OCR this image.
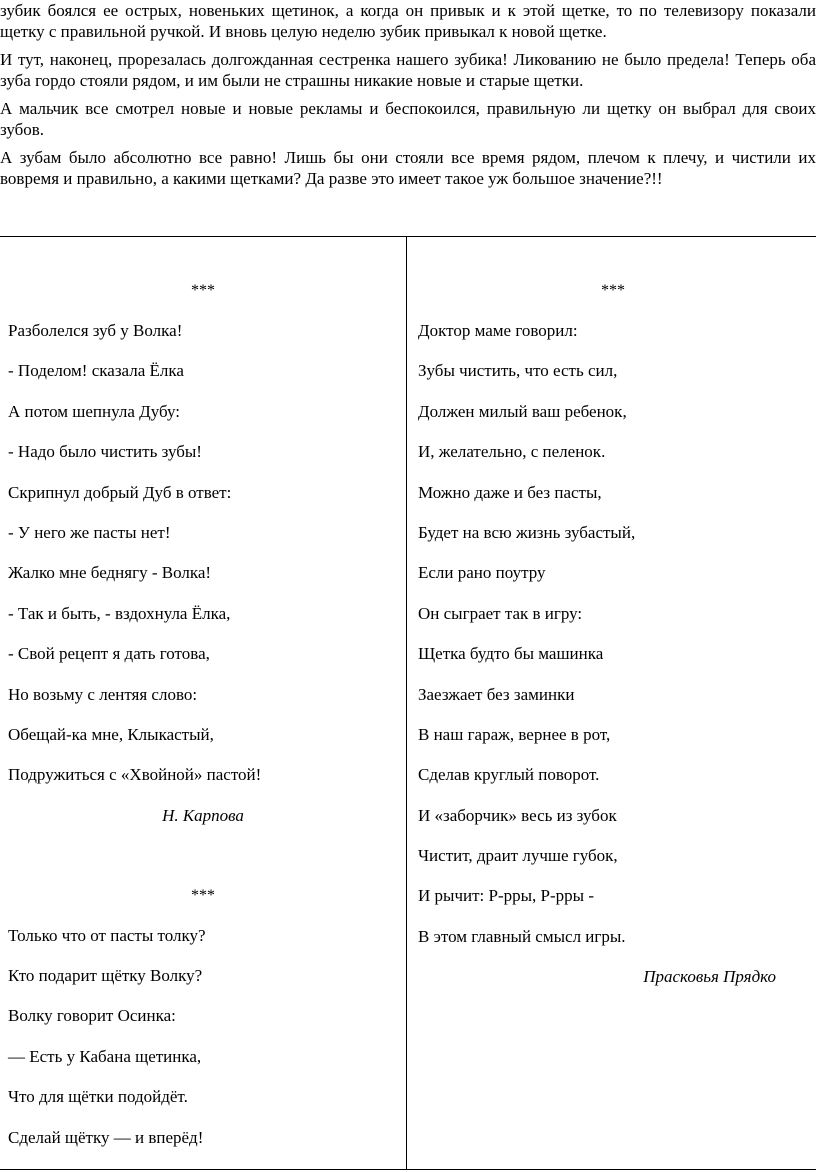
зубик боялся ее острых, новеньких щетинок, а когда он привык и к этой щетке, то по телевизору показали щетку с правильной ручкой. И вновь целую неделю зубик привыкал к новой щетке.

И тут, наконец, прорезалась долгожданная сестренка нашего зубика! Ликованию не было предела! Теперь оба зуба гордо стояли рядом, и им были не страшны никакие новые и старые щетки.

А мальчик все смотрел новые и новые рекламы и беспокоился, правильную ли щетку он выбрал для своих зубов.

А зубам было абсолютно все равно! Лишь бы они стояли все время рядом, плечом к плечу, и чистили их вовремя и правильно, а какими щетками? Да разве это имеет такое уж большое значение?!!

***
Разболелся зуб у Волка!
- Поделом! сказала Ёлка
А потом шепнула Дубу:
- Надо было чистить зубы!
Скрипнул добрый Дуб в ответ:
- У него же пасты нет!
Жалко мне беднягу - Волка!
- Так и быть, - вздохнула Ёлка,
- Свой рецепт я дать готова,
Но возьму с лентяя слово:
Обещай-ка мне, Клыкастый,
Подружиться с «Хвойной» пастой!
Н. Карпова
***
Только что от пасты толку?
Кто подарит щётку Волку?
Волку говорит Осинка:
— Есть у Кабана щетинка,
Что для щётки подойдёт.
Сделай щётку — и вперёд!
***
Доктор маме говорил:
Зубы чистить, что есть сил,
Должен милый ваш ребенок,
И, желательно, с пеленок.
Можно даже и без пасты,
Будет на всю жизнь зубастый,
Если рано поутру
Он сыграет так в игру:
Щетка будто бы машинка
Заезжает без заминки
В наш гараж, вернее в рот,
Сделав круглый поворот.
И «заборчик» весь из зубок
Чистит, драит лучше губок,
И рычит: Р-рры, Р-рры -
В этом главный смысл игры.
Прасковья Прядко
